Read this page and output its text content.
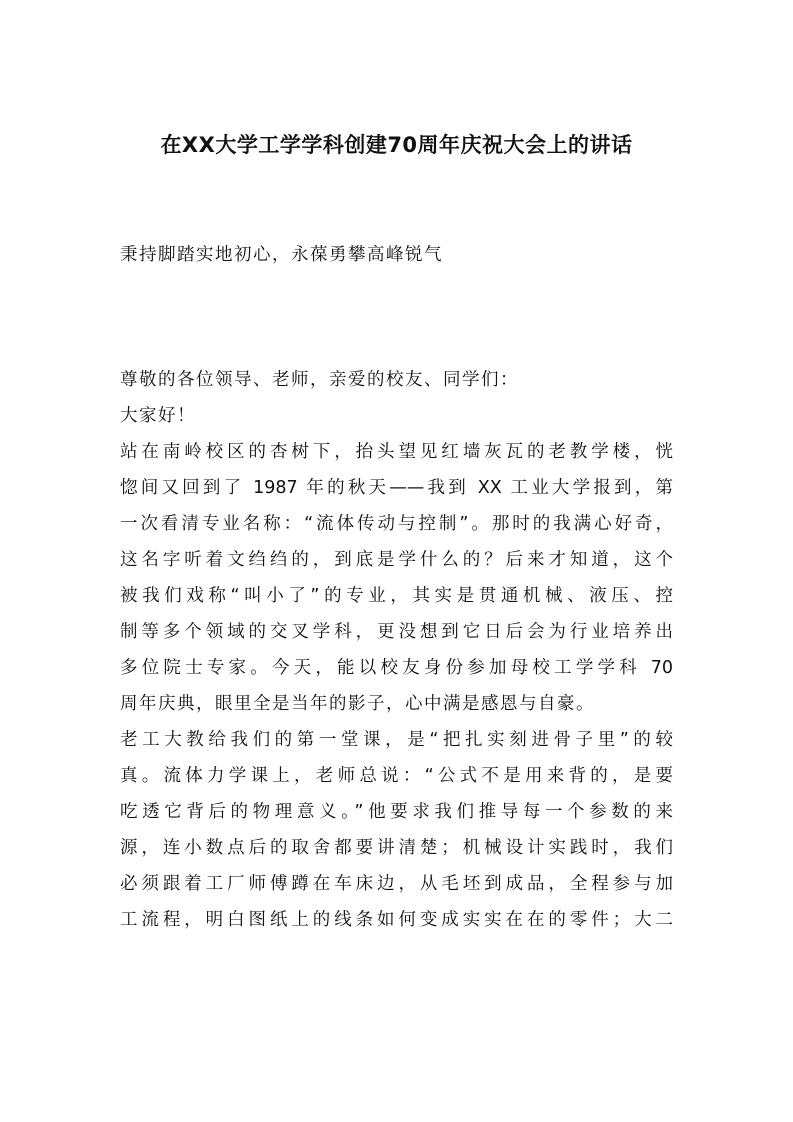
在XX大学工学学科创建70周年庆祝大会上的讲话
秉持脚踏实地初心，永葆勇攀高峰锐气
尊敬的各位领导、老师，亲爱的校友、同学们：
大家好！
站在南岭校区的杏树下，抬头望见红墙灰瓦的老教学楼，恍
惚间又回到了 1987 年的秋天——我到 XX 工业大学报到，第
一次看清专业名称：“流体传动与控制”。那时的我满心好奇，
这名字听着文绉绉的，到底是学什么的？后来才知道，这个
被我们戏称“叫小了”的专业，其实是贯通机械、液压、控
制等多个领域的交叉学科，更没想到它日后会为行业培养出
多位院士专家。今天，能以校友身份参加母校工学学科 70
周年庆典，眼里全是当年的影子，心中满是感恩与自豪。
老工大教给我们的第一堂课，是“把扎实刻进骨子里”的较
真。流体力学课上，老师总说：“公式不是用来背的，是要
吃透它背后的物理意义。”他要求我们推导每一个参数的来
源，连小数点后的取舍都要讲清楚；机械设计实践时，我们
必须跟着工厂师傅蹲在车床边，从毛坯到成品，全程参与加
工流程，明白图纸上的线条如何变成实实在在的零件；大二
